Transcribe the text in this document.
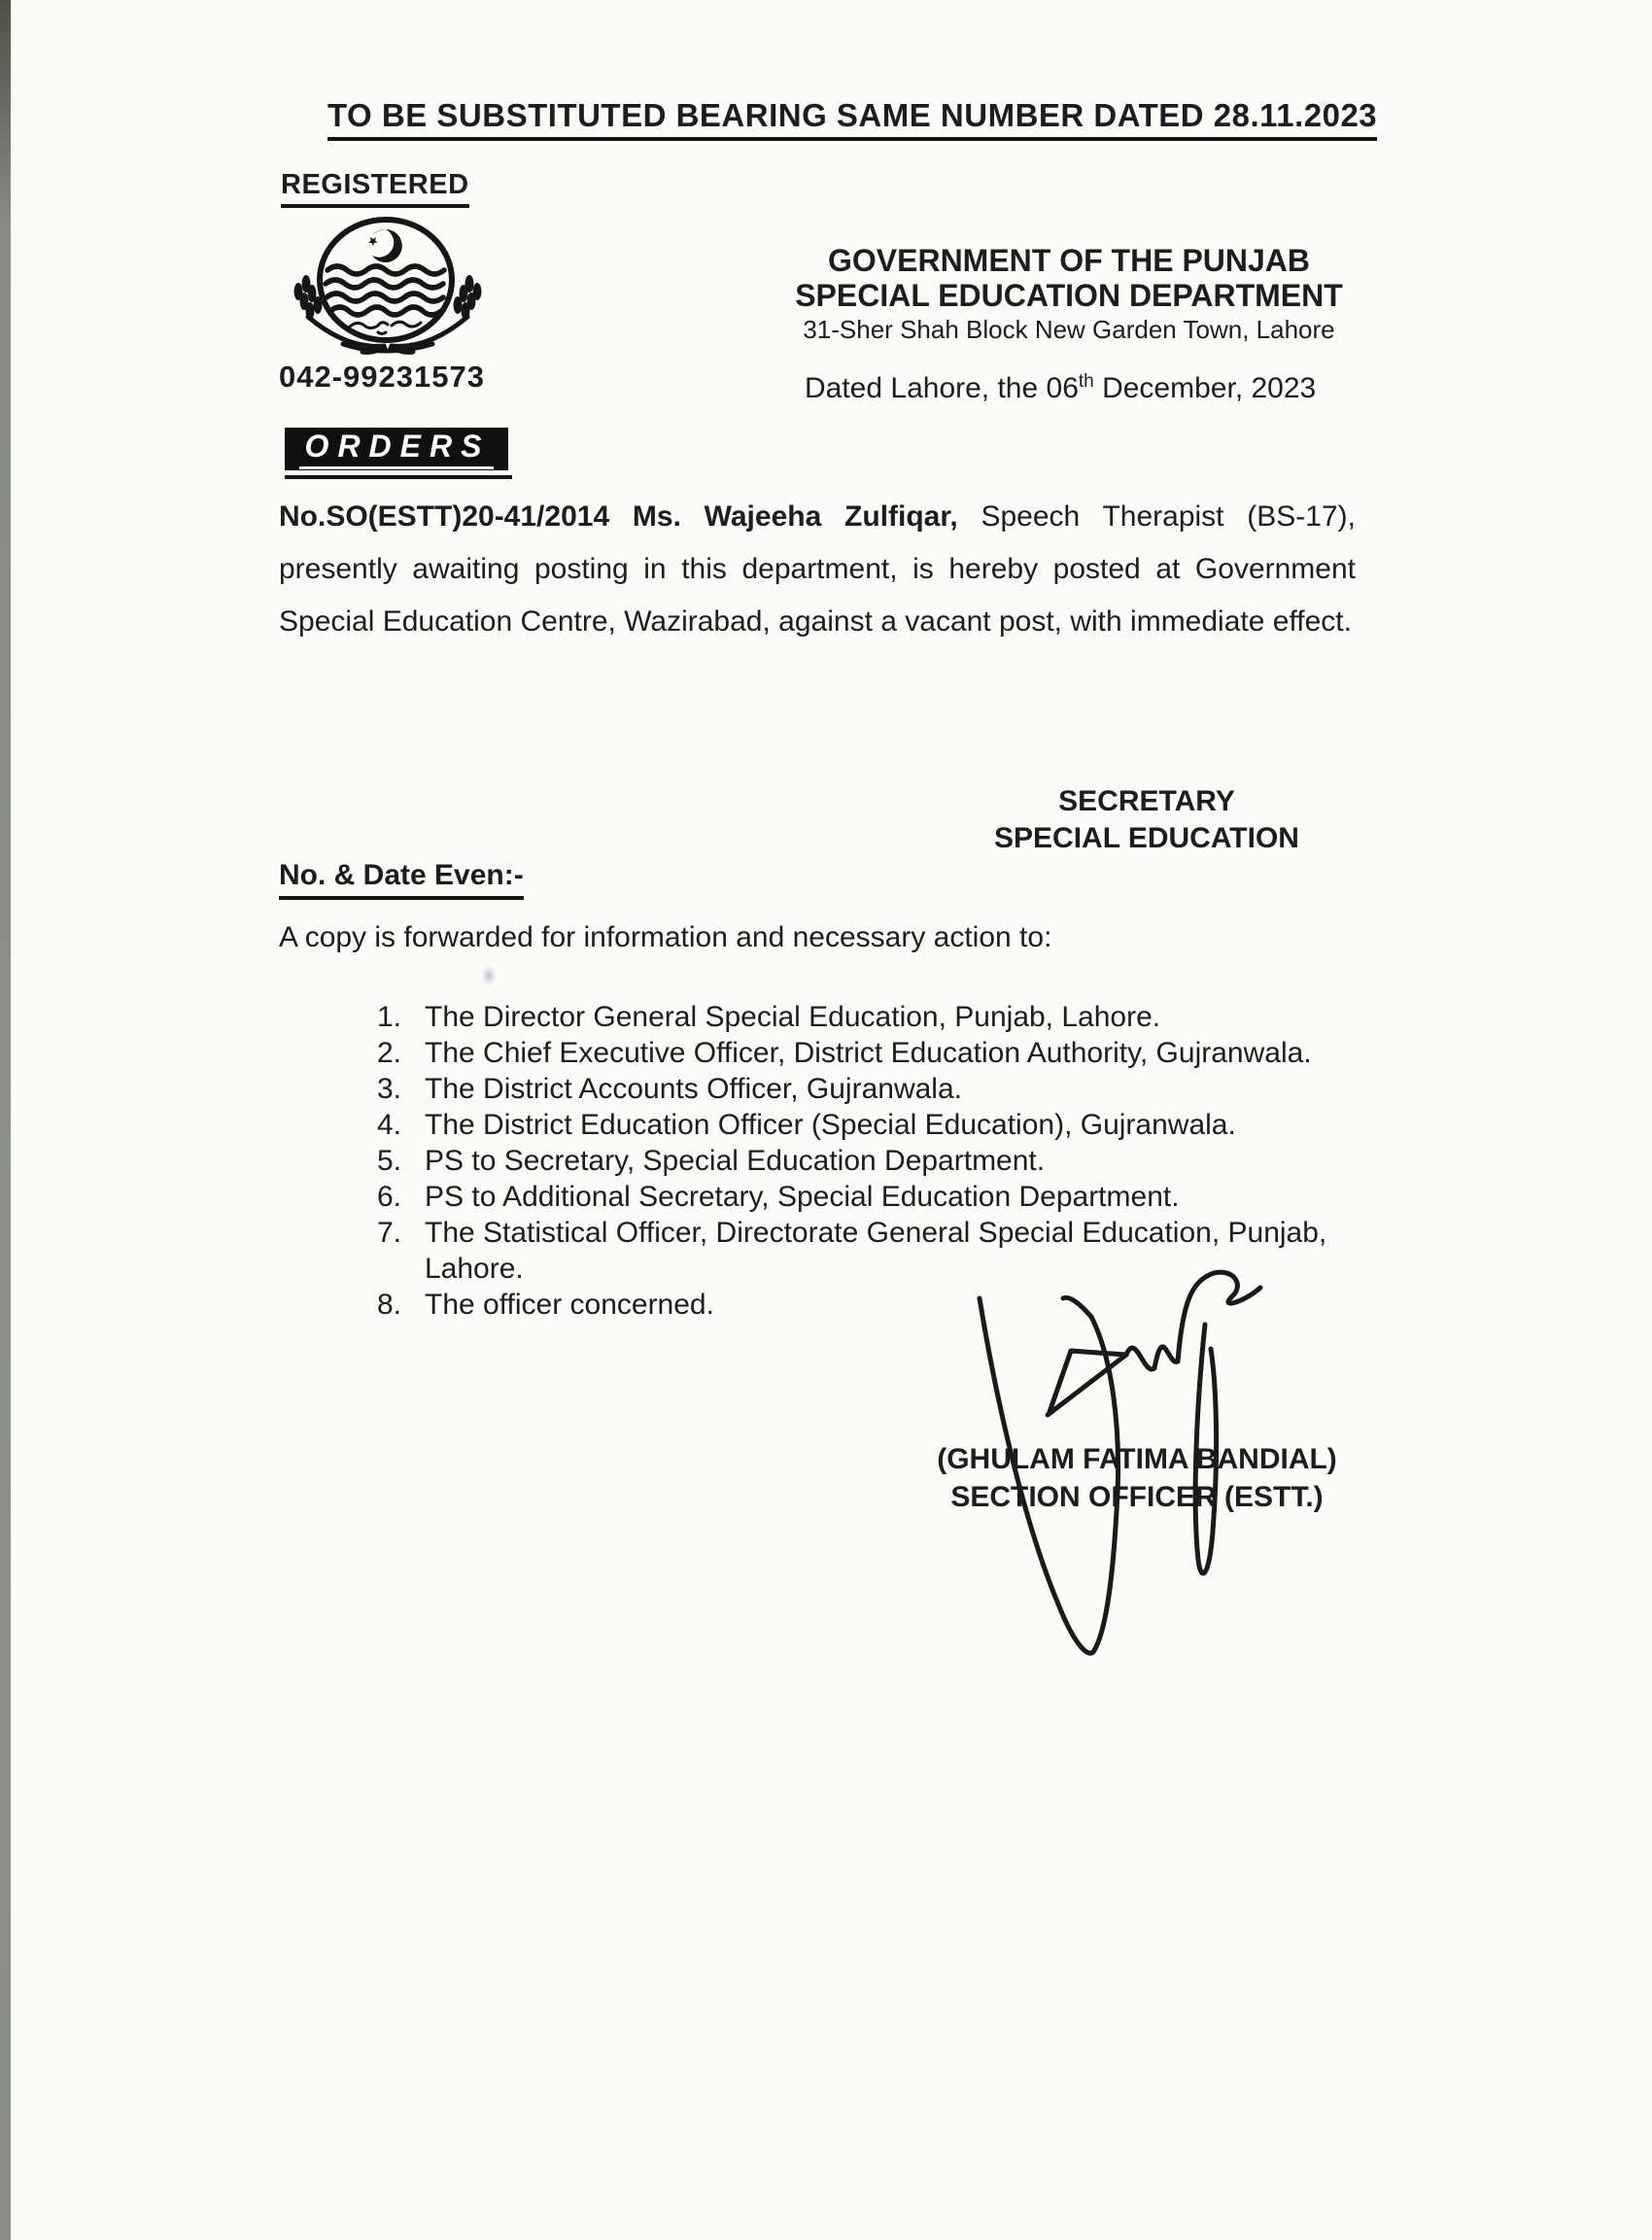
TO BE SUBSTITUTED BEARING SAME NUMBER DATED 28.11.2023
REGISTERED
042-99231573
GOVERNMENT OF THE PUNJAB
SPECIAL EDUCATION DEPARTMENT
31-Sher Shah Block New Garden Town, Lahore
Dated Lahore, the 06th December, 2023
ORDERS
No.SO(ESTT)20-41/2014 Ms. Wajeeha Zulfiqar, Speech Therapist (BS-17), presently awaiting posting in this department, is hereby posted at Government Special Education Centre, Wazirabad, against a vacant post, with immediate effect.
SECRETARY
SPECIAL EDUCATION
No. & Date Even:-
A copy is forwarded for information and necessary action to:
1. The Director General Special Education, Punjab, Lahore.
2. The Chief Executive Officer, District Education Authority, Gujranwala.
3. The District Accounts Officer, Gujranwala.
4. The District Education Officer (Special Education), Gujranwala.
5. PS to Secretary, Special Education Department.
6. PS to Additional Secretary, Special Education Department.
7. The Statistical Officer, Directorate General Special Education, Punjab, Lahore.
8. The officer concerned.
(GHULAM FATIMA BANDIAL)
SECTION OFFICER (ESTT.)
